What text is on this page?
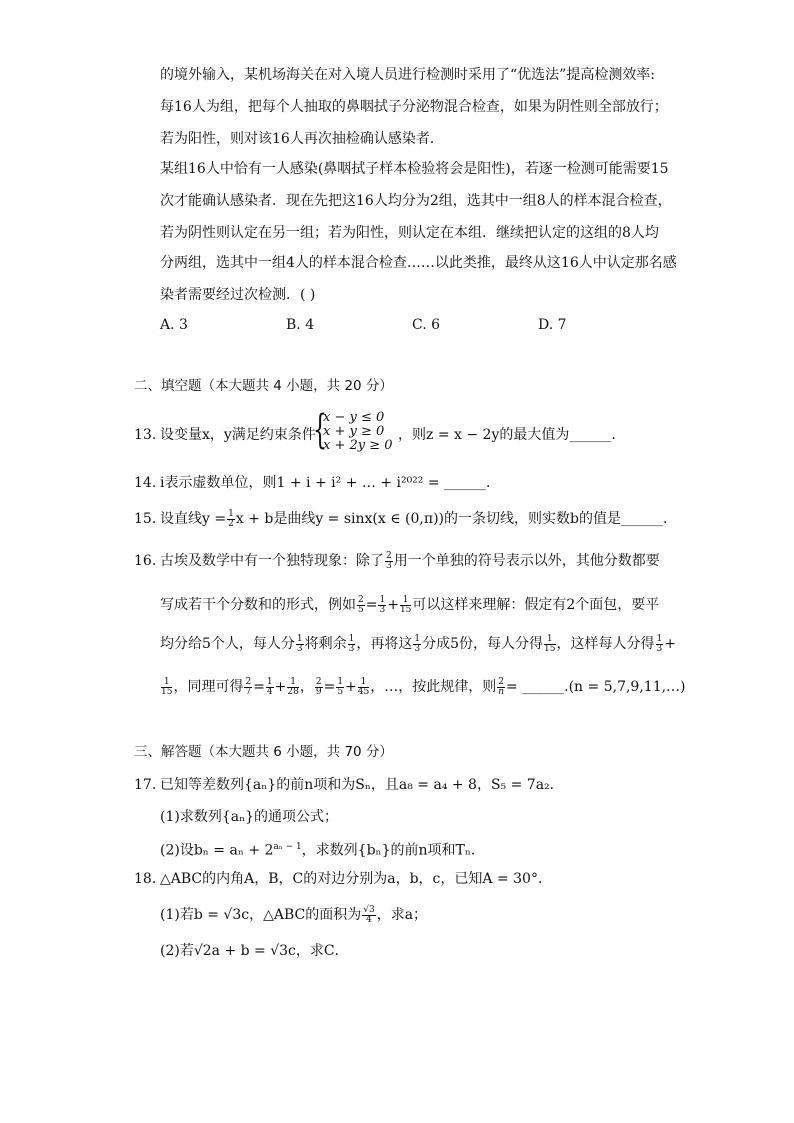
的境外输入，某机场海关在对入境人员进行检测时采用了“优选法”提高检测效率:
每16人为组，把每个人抽取的鼻咽拭子分泌物混合检查，如果为阴性则全部放行；
若为阳性，则对该16人再次抽检确认感染者．
某组16人中恰有一人感染(鼻咽拭子样本检验将会是阳性)，若逐一检测可能需要15
次才能确认感染者．现在先把这16人均分为2组，选其中一组8人的样本混合检查，
若为阴性则认定在另一组；若为阳性，则认定在本组．继续把认定的这组的8人均
分两组，选其中一组4人的样本混合检查……以此类推，最终从这16人中认定那名感
染者需要经过次检测．( )
A. 3	B. 4	C. 6	D. 7
二、填空题（本大题共 4 小题，共 20 分）
13. 设变量x，y满足约束条件
{
x − y ≤ 0
x + y ≥ 0
x + 2y ≥ 0
，则z = x − 2y的最大值为______．
14. i表示虚数单位，则1 + i + i² + … + i²⁰²² = ______．
15. 设直线$y = \frac{1}{2}$ x + b是曲线y = sinx(x ∈ (0,π))的一条切线，则实数b的值是______．
16. 古埃及数学中有一个独特现象：除了 $\frac{2}{3}$ 用一个单独的符号表示以外，其他分数都要
写成若干个分数和的形式，例如 $\frac{2}{5} = \frac{1}{3} + \frac{1}{15}$ 可以这样来理解：假定有2个面包，要平
均分给5个人，每人分 $\frac{1}{3}$ 将剩余 $\frac{1}{3}$ ，再将这 $\frac{1}{3}$ 分成5份，每人分得 $\frac{1}{15}$ ，这样每人分得 $\frac{1}{3}$ +
$\frac{1}{15}$ ，同理可得 $\frac{2}{7} = \frac{1}{4} + \frac{1}{28}$ ， $\frac{2}{9} = \frac{1}{5} + \frac{1}{45}$ ，…，按此规律，则 $\frac{2}{n}$ = ______.(n = 5,7,9,11,…)
三、解答题（本大题共 6 小题，共 70 分）
17. 已知等差数列{aₙ}的前n项和为Sₙ，且a₈ = a₄ + 8，S₅ = 7a₂．
(1)求数列{aₙ}的通项公式；
(2)设$b_n = a_n + 2^{a_n - 1}$，求数列{bₙ}的前n项和Tₙ．
18. △ABC的内角A，B，C的对边分别为a，b，c，已知A = 30°．
(1)若b = √3c，△ABC的面积为 $\frac{√3}{4}$ ，求a；
(2)若√2a + b = √3c，求C．
